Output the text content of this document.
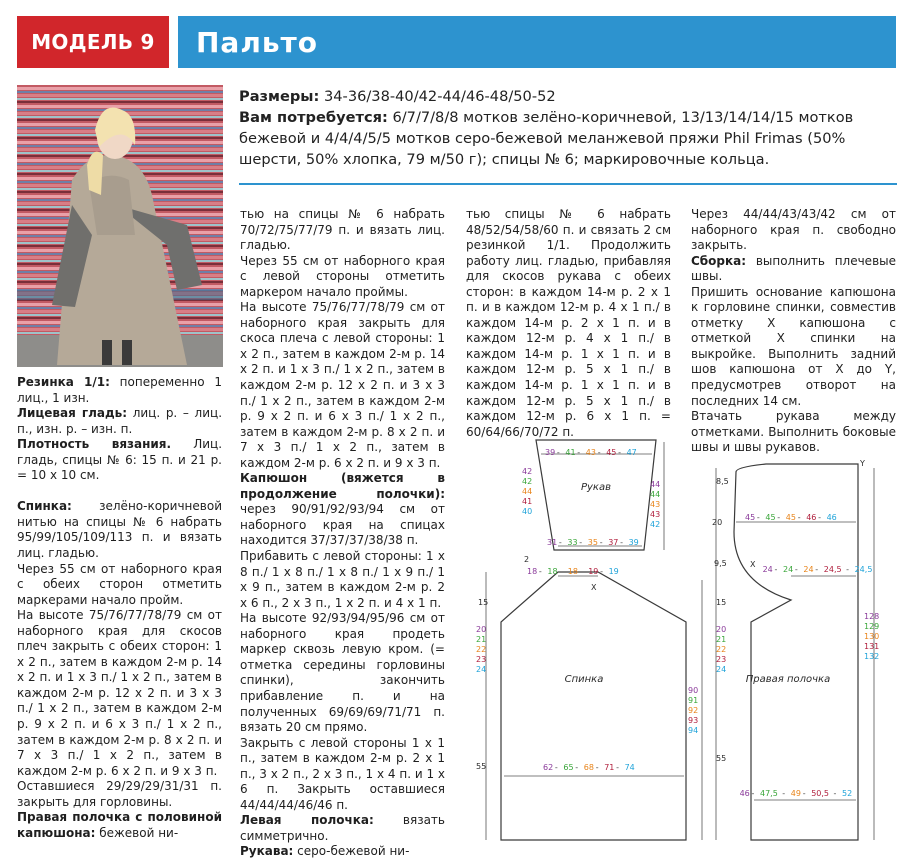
МОДЕЛЬ 9 Пальто
Размеры: 34-36/38-40/42-44/46-48/50-52
Вам потребуется: 6/7/7/8/8 мотков зелёно-коричневой, 13/13/14/14/15 мотков бежевой и 4/4/4/5/5 мотков серо-бежевой меланжевой пряжи Phil Frimas (50% шерсти, 50% хлопка, 79 м/50 г); спицы № 6; маркировочные кольца.

Резинка 1/1: попеременно 1 лиц., 1 изн.

Лицевая гладь: лиц. р. – лиц. п., изн. р. – изн. п.

Плотность вязания. Лиц. гладь, спицы № 6: 15 п. и 21 р. = 10 х 10 см.

Спинка: зелёно-коричневой нитью на спицы № 6 набрать 95/99/105/109/113 п. и вязать лиц. гладью.

Через 55 см от наборного края с обеих сторон отметить маркерами начало пройм.

На высоте 75/76/77/78/79 см от наборного края для скосов плеч закрыть с обеих сторон: 1 х 2 п., затем в каждом 2-м р. 14 х 2 п. и 1 х 3 п./ 1 х 2 п., затем в каждом 2-м р. 12 х 2 п. и 3 х 3 п./ 1 х 2 п., затем в каждом 2-м р. 9 х 2 п. и 6 х 3 п./ 1 х 2 п., затем в каждом 2-м р. 8 х 2 п. и 7 х 3 п./ 1 х 2 п., затем в каждом 2-м р. 6 х 2 п. и 9 х 3 п.

Оставшиеся 29/29/29/31/31 п. закрыть для горловины.

Правая полочка с половиной капюшона: бежевой ни-

тью на спицы № 6 набрать 70/72/75/77/79 п. и вязать лиц. гладью.

Через 55 см от наборного края с левой стороны отметить маркером начало проймы.

На высоте 75/76/77/78/79 см от наборного края закрыть для скоса плеча с левой стороны: 1 х 2 п., затем в каждом 2-м р. 14 х 2 п. и 1 х 3 п./ 1 х 2 п., затем в каждом 2-м р. 12 х 2 п. и 3 х 3 п./ 1 х 2 п., затем в каждом 2-м р. 9 х 2 п. и 6 х 3 п./ 1 х 2 п., затем в каждом 2-м р. 8 х 2 п. и 7 х 3 п./ 1 х 2 п., затем в каждом 2-м р. 6 х 2 п. и 9 х 3 п.

Капюшон (вяжется в продолжение полочки): через 90/91/92/93/94 см от наборного края на спицах находится 37/37/37/38/38 п.

Прибавить с левой стороны: 1 х 8 п./ 1 х 8 п./ 1 х 8 п./ 1 х 9 п./ 1 х 9 п., затем в каждом 2-м р. 2 х 6 п., 2 х 3 п., 1 х 2 п. и 4 х 1 п.

На высоте 92/93/94/95/96 см от наборного края продеть маркер сквозь левую кром. (= отметка середины горловины спинки), закончить прибавление п. и на полученных 69/69/69/71/71 п. вязать 20 см прямо.

Закрыть с левой стороны 1 х 1 п., затем в каждом 2-м р. 2 х 1 п., 3 х 2 п., 2 х 3 п., 1 х 4 п. и 1 х 6 п. Закрыть оставшиеся 44/44/44/46/46 п.

Левая полочка: вязать симметрично.

Рукава: серо-бежевой ни-

тью спицы № 6 набрать 48/52/54/58/60 п. и связать 2 см резинкой 1/1. Продолжить работу лиц. гладью, прибавляя для скосов рукава с обеих сторон: в каждом 14-м р. 2 х 1 п. и в каждом 12-м р. 4 х 1 п./ в каждом 14-м р. 2 х 1 п. и в каждом 12-м р. 4 х 1 п./ в каждом 14-м р. 1 х 1 п. и в каждом 12-м р. 5 х 1 п./ в каждом 14-м р. 1 х 1 п. и в каждом 12-м р. 5 х 1 п./ в каждом 12-м р. 6 х 1 п. = 60/64/66/70/72 п.

Через 44/44/43/43/42 см от наборного края п. свободно закрыть.

Сборка: выполнить плечевые швы.

Пришить основание капюшона к горловине спинки, совместив отметку X капюшона с отметкой X спинки на выкройке. Выполнить задний шов капюшона от X до Y, предусмотрев отворот на последних 14 см.

Втачать рукава между отметками. Выполнить боковые швы и швы рукавов.

39 - 41 - 43 - 45 - 47
42
42
44
41
40
44
44
43
43
42
Рукав
31 - 33 - 35 - 37 - 39
2
18 - 18 - 18 - 19 - 19
X
15
20
21
22
23
24
Спинка
90
91
92
93
94
55	62 - 65 - 68 - 71 - 74
Y
8,5
20
45 - 45 - 45 - 46 - 46
9,5	X
24 - 24 - 24 - 24,5 - 24,5
15
20
21
22
23
24
Правая полочка
128
129
130
131
132
55
46 - 47,5 - 49 - 50,5 - 52
